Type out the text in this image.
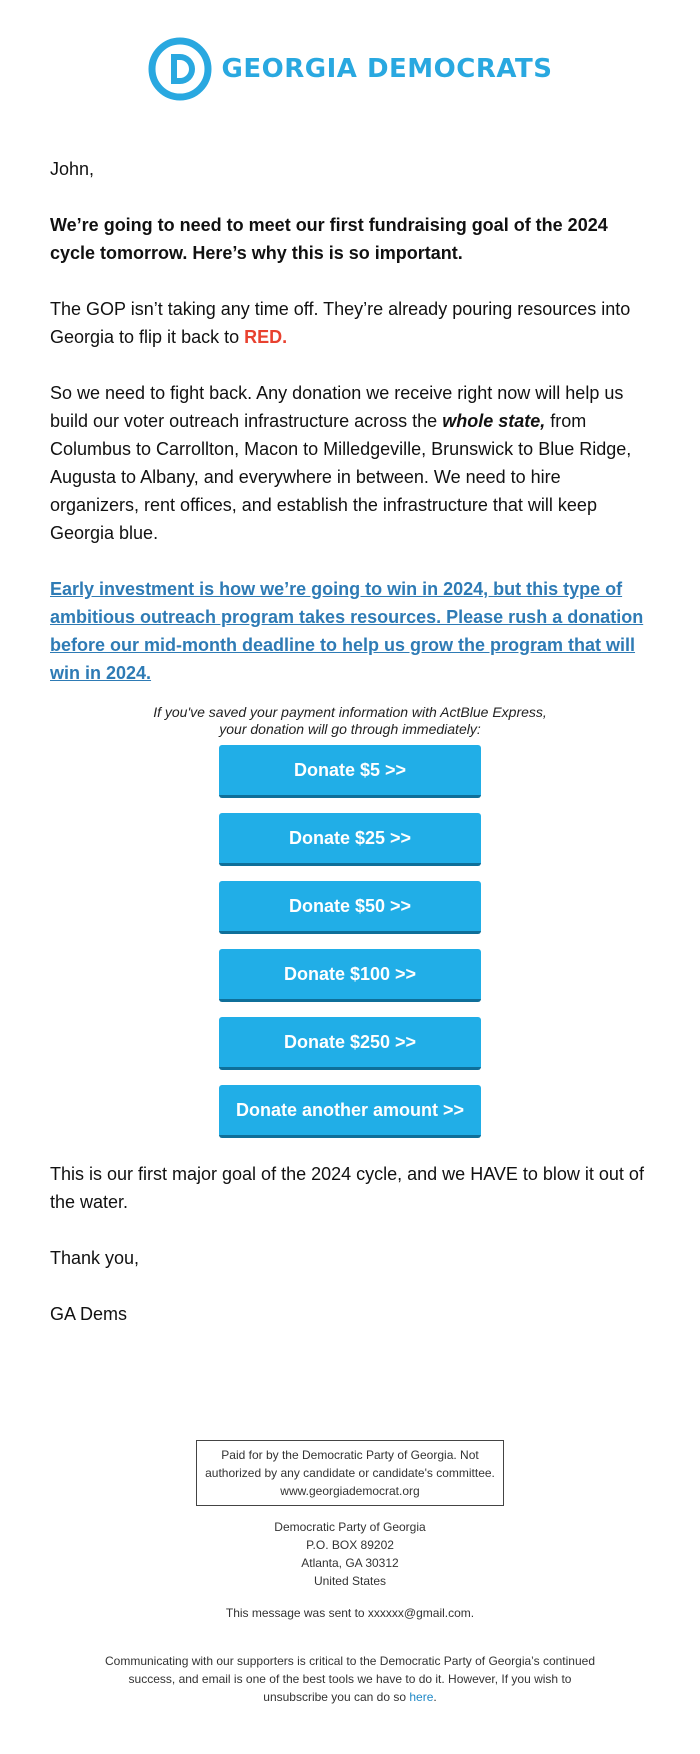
GEORGIA DEMOCRATS

John,

We’re going to need to meet our first fundraising goal of the 2024 cycle tomorrow. Here’s why this is so important.

The GOP isn’t taking any time off. They’re already pouring resources into Georgia to flip it back to RED.

So we need to fight back. Any donation we receive right now will help us build our voter outreach infrastructure across the whole state, from Columbus to Carrollton, Macon to Milledgeville, Brunswick to Blue Ridge, Augusta to Albany, and everywhere in between. We need to hire organizers, rent offices, and establish the infrastructure that will keep Georgia blue.

Early investment is how we’re going to win in 2024, but this type of ambitious outreach program takes resources. Please rush a donation before our mid-month deadline to help us grow the program that will win in 2024.

If you've saved your payment information with ActBlue Express,
your donation will go through immediately:
Donate $5 >>
Donate $25 >>
Donate $50 >>
Donate $100 >>
Donate $250 >>
Donate another amount >>

This is our first major goal of the 2024 cycle, and we HAVE to blow it out of the water.

Thank you,

GA Dems

Paid for by the Democratic Party of Georgia. Not
authorized by any candidate or candidate's committee.
www.georgiademocrat.org
Democratic Party of Georgia
P.O. BOX 89202
Atlanta, GA 30312
United States
This message was sent to xxxxxx@gmail.com.
Communicating with our supporters is critical to the Democratic Party of Georgia’s continued
success, and email is one of the best tools we have to do it. However, If you wish to
unsubscribe you can do so here.
